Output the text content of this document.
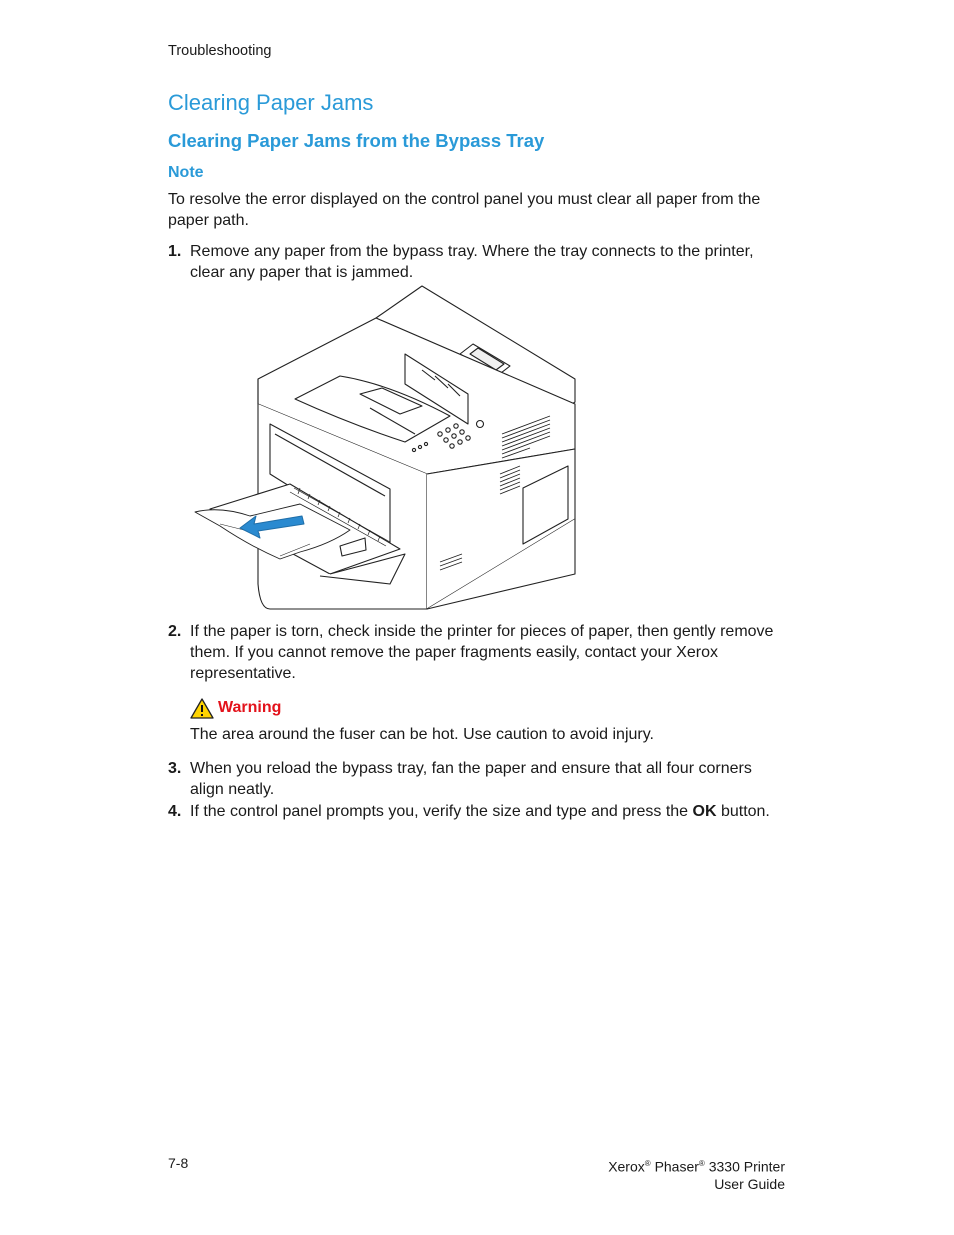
Troubleshooting
Clearing Paper Jams
Clearing Paper Jams from the Bypass Tray
Note
To resolve the error displayed on the control panel you must clear all paper from the paper path.
1. Remove any paper from the bypass tray. Where the tray connects to the printer, clear any paper that is jammed.
2. If the paper is torn, check inside the printer for pieces of paper, then gently remove them. If you cannot remove the paper fragments easily, contact your Xerox representative.
Warning
The area around the fuser can be hot. Use caution to avoid injury.
3. When you reload the bypass tray, fan the paper and ensure that all four corners align neatly.
4. If the control panel prompts you, verify the size and type and press the OK button.
7-8	Xerox® Phaser® 3330 Printer
User Guide
